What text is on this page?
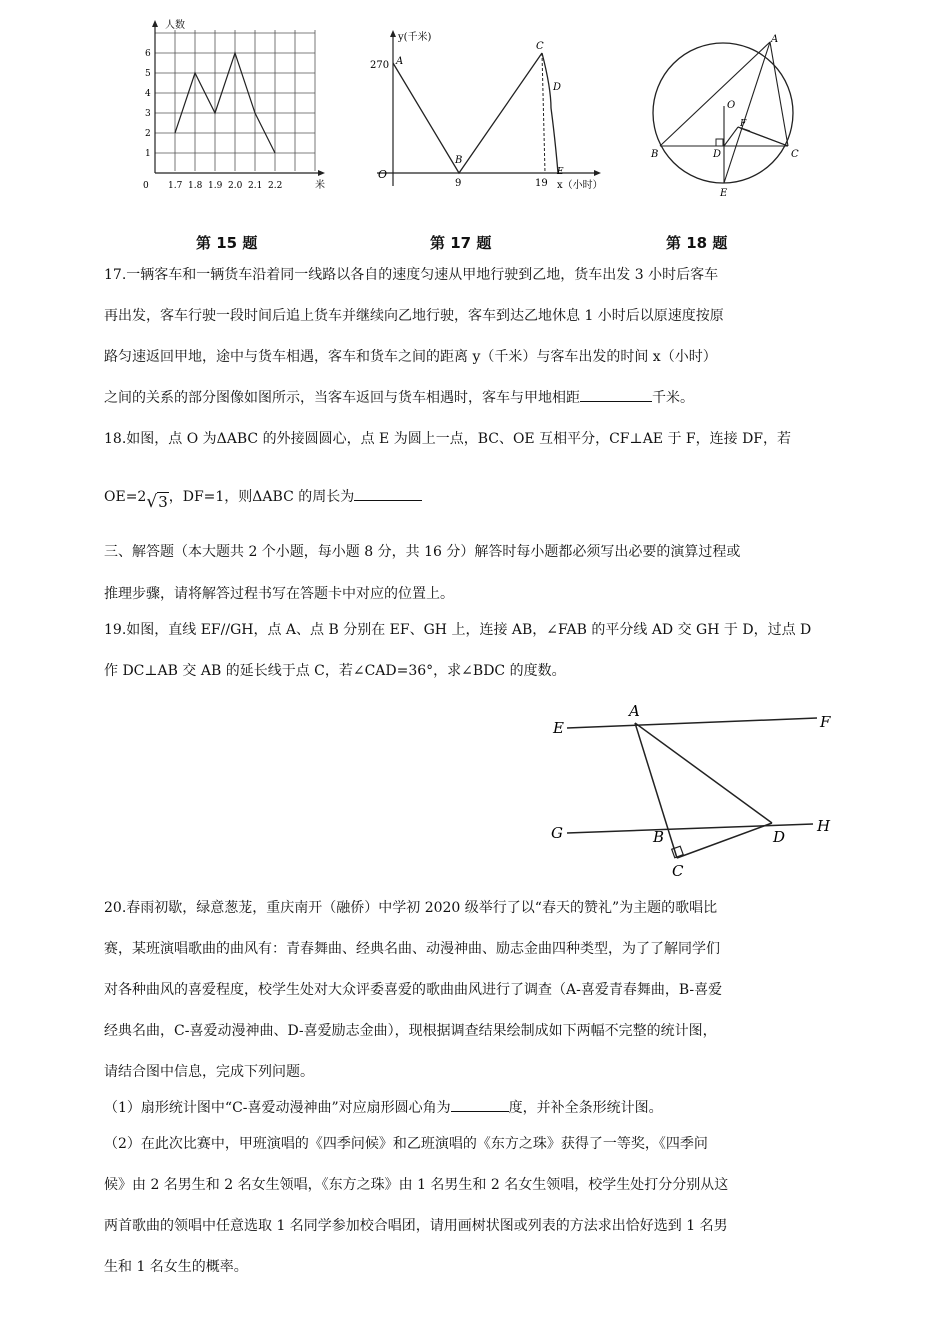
人数
米
0 1.7 1.8 1.9 2.0 2.1 2.2
1
2
3
4
5
6
第 15 题
y(千米)
270
O
9	19 x（小时）
A
B
C
D
E
第 17 题
A
O
F
B	D	C
E
第 18 题
17.一辆客车和一辆货车沿着同一线路以各自的速度匀速从甲地行驶到乙地，货车出发 3 小时后客车
再出发，客车行驶一段时间后追上货车并继续向乙地行驶，客车到达乙地休息 1 小时后以原速度按原
路匀速返回甲地，途中与货车相遇，客车和货车之间的距离 y（千米）与客车出发的时间 x（小时）
之间的关系的部分图像如图所示，当客车返回与货车相遇时，客车与甲地相距	千米。
18.如图，点 O 为ΔABC 的外接圆圆心，点 E 为圆上一点，BC、OE 互相平分，CF⊥AE 于 F，连接 DF，若
OE=2√3，DF=1，则ΔABC 的周长为
三、解答题（本大题共 2 个小题，每小题 8 分，共 16 分）解答时每小题都必须写出必要的演算过程或
推理步骤，请将解答过程书写在答题卡中对应的位置上。
19.如图，直线 EF//GH，点 A、点 B 分别在 EF、GH 上，连接 AB，∠FAB 的平分线 AD 交 GH 于 D，过点 D
作 DC⊥AB 交 AB 的延长线于点 C，若∠CAD=36°，求∠BDC 的度数。
E
A
F
G	B	D
H
C
20.春雨初歇，绿意葱茏，重庆南开（融侨）中学初 2020 级举行了以“春天的赞礼”为主题的歌唱比
赛，某班演唱歌曲的曲风有：青春舞曲、经典名曲、动漫神曲、励志金曲四种类型，为了了解同学们
对各种曲风的喜爱程度，校学生处对大众评委喜爱的歌曲曲风进行了调查（A-喜爱青春舞曲，B-喜爱
经典名曲，C-喜爱动漫神曲、D-喜爱励志金曲），现根据调查结果绘制成如下两幅不完整的统计图，
请结合图中信息，完成下列问题。
（1）扇形统计图中“C-喜爱动漫神曲”对应扇形圆心角为	度，并补全条形统计图。
（2）在此次比赛中，甲班演唱的《四季问候》和乙班演唱的《东方之珠》获得了一等奖，《四季问
候》由 2 名男生和 2 名女生领唱，《东方之珠》由 1 名男生和 2 名女生领唱，校学生处打分分别从这
两首歌曲的领唱中任意选取 1 名同学参加校合唱团，请用画树状图或列表的方法求出恰好选到 1 名男
生和 1 名女生的概率。
